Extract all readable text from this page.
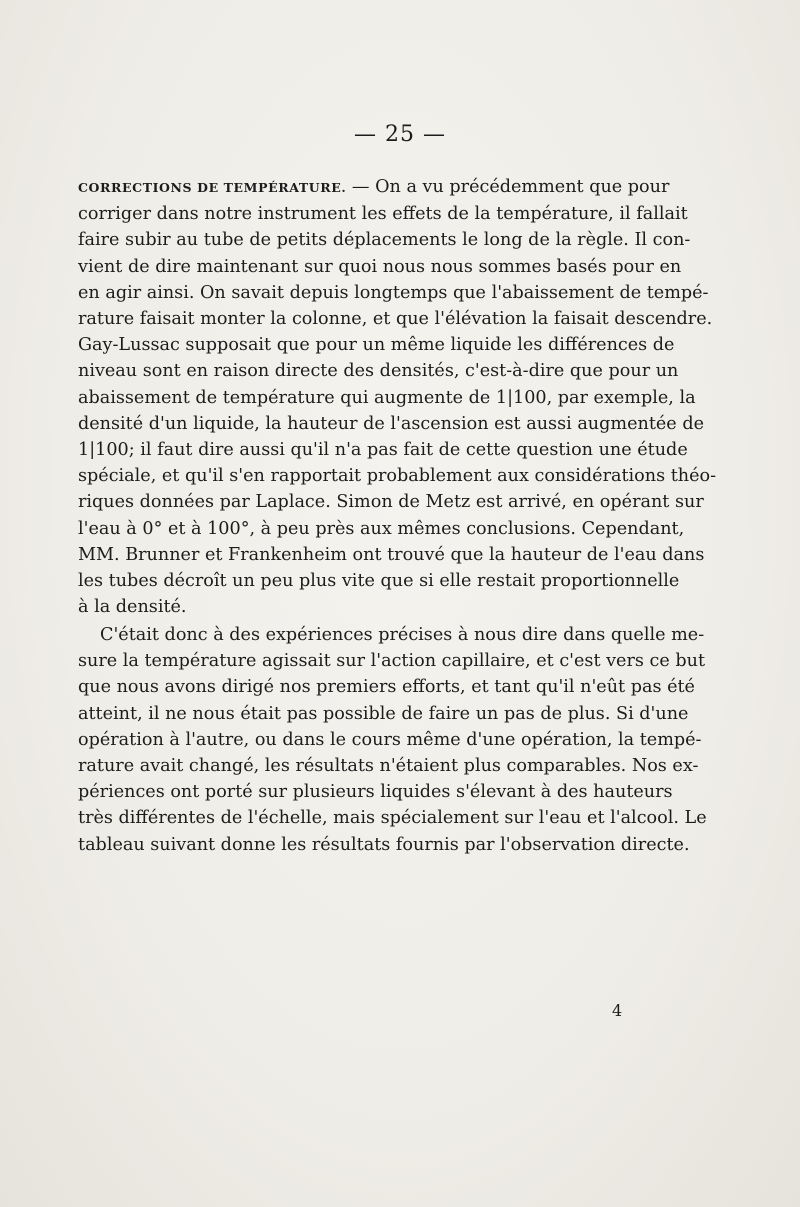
— 25 —
CORRECTIONS DE TEMPÉRATURE. — On a vu précédemment que pour
corriger dans notre instrument les effets de la température, il fallait
faire subir au tube de petits déplacements le long de la règle. Il con-
vient de dire maintenant sur quoi nous nous sommes basés pour en
en agir ainsi. On savait depuis longtemps que l'abaissement de tempé-
rature faisait monter la colonne, et que l'élévation la faisait descendre.
Gay-Lussac supposait que pour un même liquide les différences de
niveau sont en raison directe des densités, c'est-à-dire que pour un
abaissement de température qui augmente de 1|100, par exemple, la
densité d'un liquide, la hauteur de l'ascension est aussi augmentée de
1|100; il faut dire aussi qu'il n'a pas fait de cette question une étude
spéciale, et qu'il s'en rapportait probablement aux considérations théo-
riques données par Laplace. Simon de Metz est arrivé, en opérant sur
l'eau à 0° et à 100°, à peu près aux mêmes conclusions. Cependant,
MM. Brunner et Frankenheim ont trouvé que la hauteur de l'eau dans
les tubes décroît un peu plus vite que si elle restait proportionnelle
à la densité.
C'était donc à des expériences précises à nous dire dans quelle me-
sure la température agissait sur l'action capillaire, et c'est vers ce but
que nous avons dirigé nos premiers efforts, et tant qu'il n'eût pas été
atteint, il ne nous était pas possible de faire un pas de plus. Si d'une
opération à l'autre, ou dans le cours même d'une opération, la tempé-
rature avait changé, les résultats n'étaient plus comparables. Nos ex-
périences ont porté sur plusieurs liquides s'élevant à des hauteurs
très différentes de l'échelle, mais spécialement sur l'eau et l'alcool. Le
tableau suivant donne les résultats fournis par l'observation directe.
4
